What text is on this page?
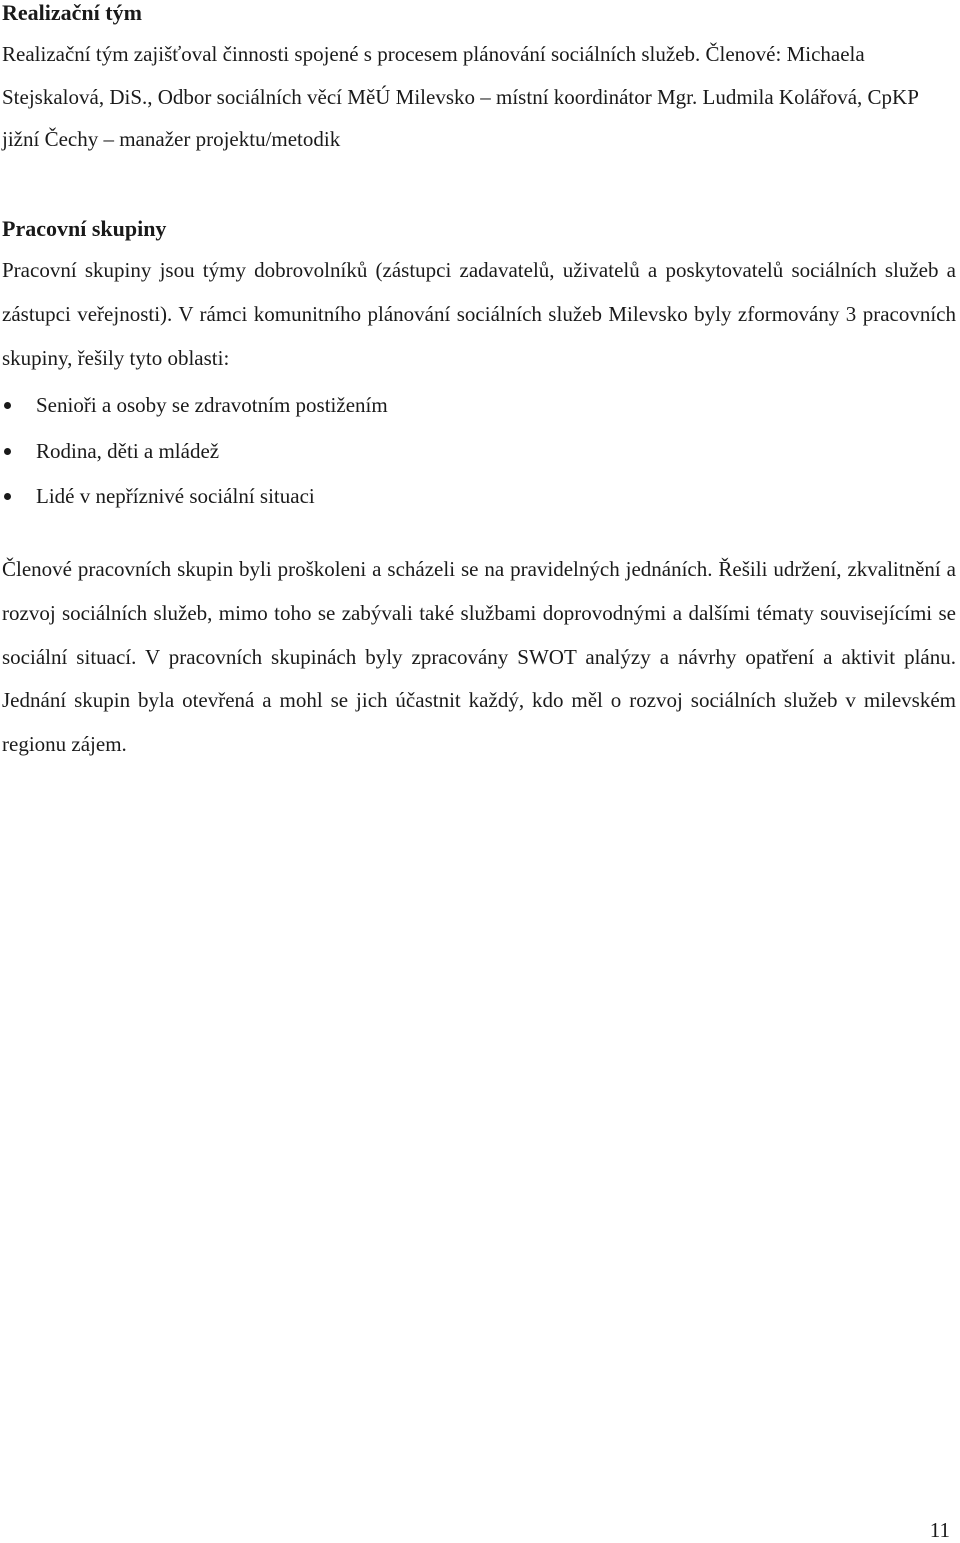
Realizační tým

Realizační tým zajišťoval činnosti spojené s procesem plánování sociálních služeb. Členové: Michaela Stejskalová, DiS., Odbor sociálních věcí MěÚ Milevsko – místní koordinátor Mgr. Ludmila Kolářová, CpKP jižní Čechy – manažer projektu/metodik

Pracovní skupiny

Pracovní skupiny jsou týmy dobrovolníků (zástupci zadavatelů, uživatelů a poskytovatelů sociálních služeb a zástupci veřejnosti). V rámci komunitního plánování sociálních služeb Milevsko byly zformovány 3 pracovních skupiny, řešily tyto oblasti:

Senioři a osoby se zdravotním postižením
Rodina, děti a mládež
Lidé v nepříznivé sociální situaci

Členové pracovních skupin byli proškoleni a scházeli se na pravidelných jednáních. Řešili udržení, zkvalitnění a rozvoj sociálních služeb, mimo toho se zabývali také službami doprovodnými a dalšími tématy souvisejícími se sociální situací. V pracovních skupinách byly zpracovány SWOT analýzy a návrhy opatření a aktivit plánu. Jednání skupin byla otevřená a mohl se jich účastnit každý, kdo měl o rozvoj sociálních služeb v milevském regionu zájem.

11
